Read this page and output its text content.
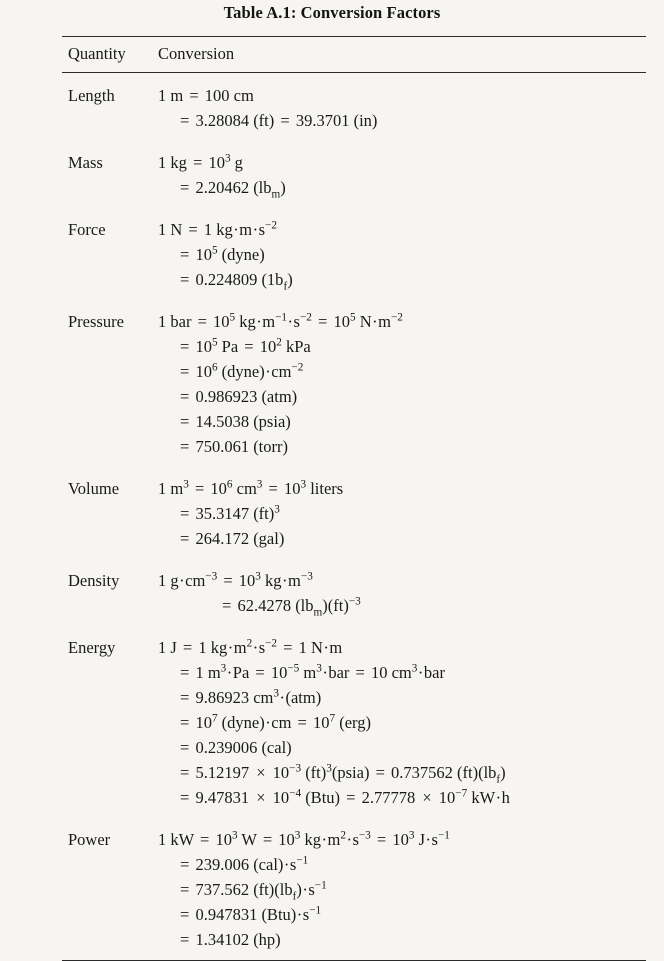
Table A.1: Conversion Factors
Quantity	Conversion
Length	1 m = 100 cm
= 3.28084 (ft) = 39.3701 (in)
Mass	1 kg = $10^3$ g
= 2.20462 $(lb_m)$
Force	1 N = 1 $kg\cdot m\cdot s^{-2}$
= $10^5$ (dyne)
= 0.224809 $(1b_f)$
Pressure	1 bar = $10^5$ $kg\cdot m^{-1}\cdot s^{-2} = 10^5$ $N\cdot m^{-2}$
= $10^5$ $Pa = 10^2$ kPa
= $10^6$ $(dyne)\cdot cm^{-2}$
= 0.986923 (atm)
= 14.5038 (psia)
= 750.061 (torr)
Volume	1 $m^3 = 10^6$ $cm^3 = 10^3$ liters
= 35.3147 (ft)$^3$
= 264.172 (gal)
Density	1 $g\cdot cm^{-3} = 10^3$ $kg\cdot m^{-3}$
= 62.4278 $(lb_m)(ft)^{-3}$
Energy	1 J = 1 $kg\cdot m^2\cdot s^{-2} = 1$ N·m
= 1 $m^3\cdot Pa = 10^{-5}$ $m^3\cdot bar = 10$ $cm^3\cdot bar$
= 9.86923 $cm^3\cdot(atm)$
= $10^7$ (dyne)·cm = $10^7$ (erg)
= 0.239006 (cal)
= $5.12197 \times 10^{-3}$ (ft)$^3$(psia) = 0.737562 $(ft)(lb_f)$
= $9.47831 \times 10^{-4}$ $(Btu) = 2.77778 \times 10^{-7}$ kW·h
Power	1 kW = $10^3$ $W = 10^3$ $kg\cdot m^2\cdot s^{-3} = 10^3$ $J\cdot s^{-1}$
= 239.006 $(cal)\cdot s^{-1}$
= 737.562 $(ft)(lb_f)\cdot s^{-1}$
= 0.947831 $(Btu)\cdot s^{-1}$
= 1.34102 (hp)
